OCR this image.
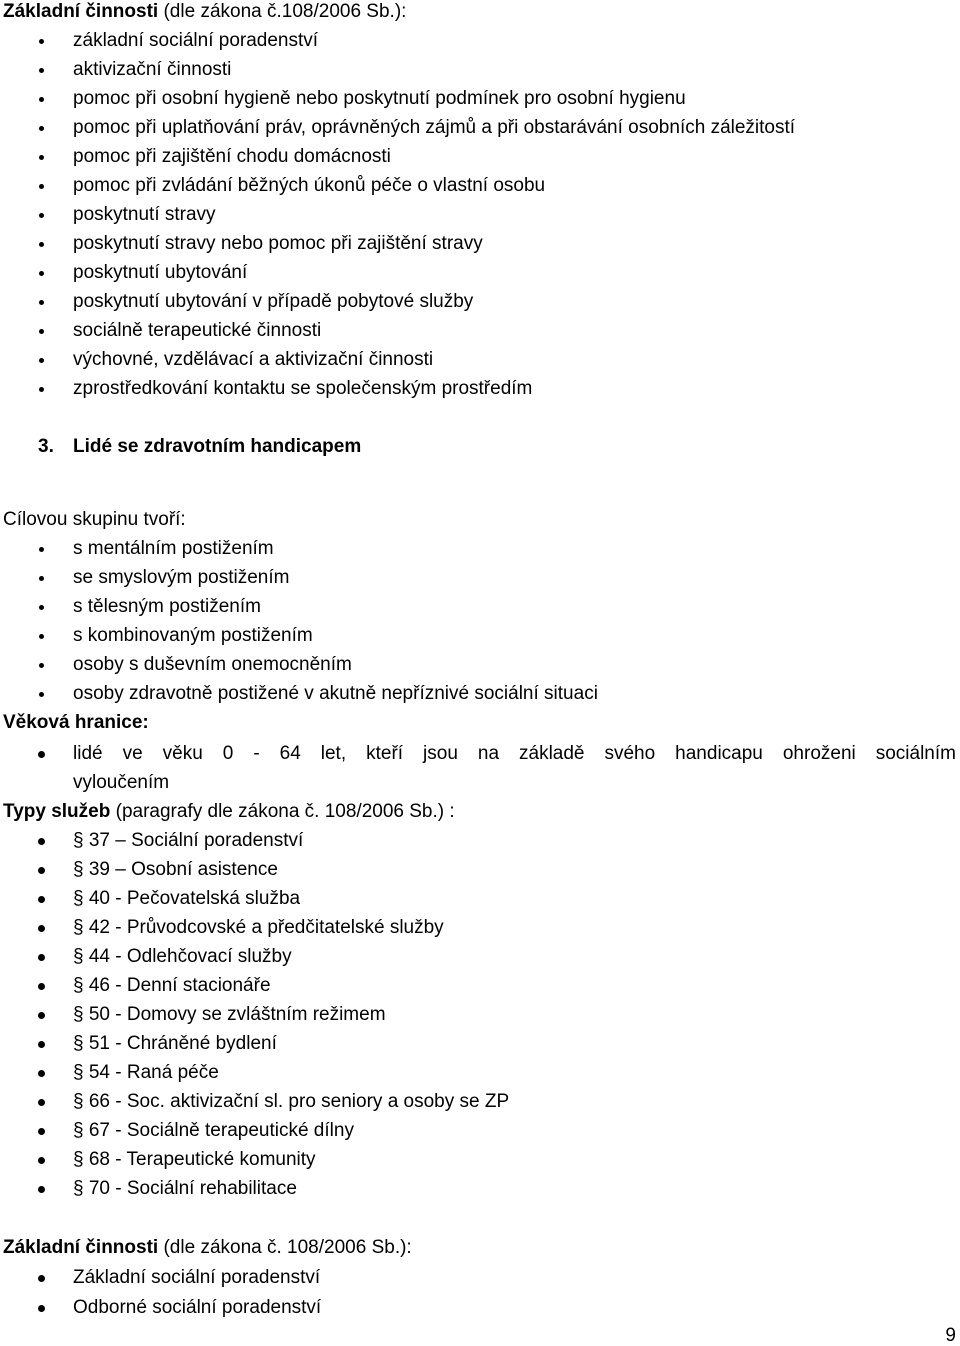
Základní činnosti (dle zákona č.108/2006 Sb.):
základní sociální poradenství
aktivizační činnosti
pomoc při osobní hygieně nebo poskytnutí podmínek pro osobní hygienu
pomoc při uplatňování práv, oprávněných zájmů a při obstarávání osobních záležitostí
pomoc při zajištění chodu domácnosti
pomoc při zvládání běžných úkonů péče o vlastní osobu
poskytnutí stravy
poskytnutí stravy nebo pomoc při zajištění stravy
poskytnutí ubytování
poskytnutí ubytování v případě pobytové služby
sociálně terapeutické činnosti
výchovné, vzdělávací a aktivizační činnosti
zprostředkování kontaktu se společenským prostředím
3. Lidé se zdravotním handicapem
Cílovou skupinu tvoří:
s mentálním postižením
se smyslovým postižením
s tělesným postižením
s kombinovaným postižením
osoby s duševním onemocněním
osoby zdravotně postižené v akutně nepříznivé sociální situaci
Věková hranice:
lidé ve věku 0 - 64 let, kteří jsou na základě svého handicapu ohroženi sociálním
vyloučením
Typy služeb (paragrafy dle zákona č. 108/2006 Sb.) :
§ 37 – Sociální poradenství
§ 39 – Osobní asistence
§ 40 - Pečovatelská služba
§ 42 - Průvodcovské a předčitatelské služby
§ 44 - Odlehčovací služby
§ 46 - Denní stacionáře
§ 50 - Domovy se zvláštním režimem
§ 51 - Chráněné bydlení
§ 54 - Raná péče
§ 66 - Soc. aktivizační sl. pro seniory a osoby se ZP
§ 67 - Sociálně terapeutické dílny
§ 68 - Terapeutické komunity
§ 70 - Sociální rehabilitace
Základní činnosti (dle zákona č. 108/2006 Sb.):
Základní sociální poradenství
Odborné sociální poradenství
9
